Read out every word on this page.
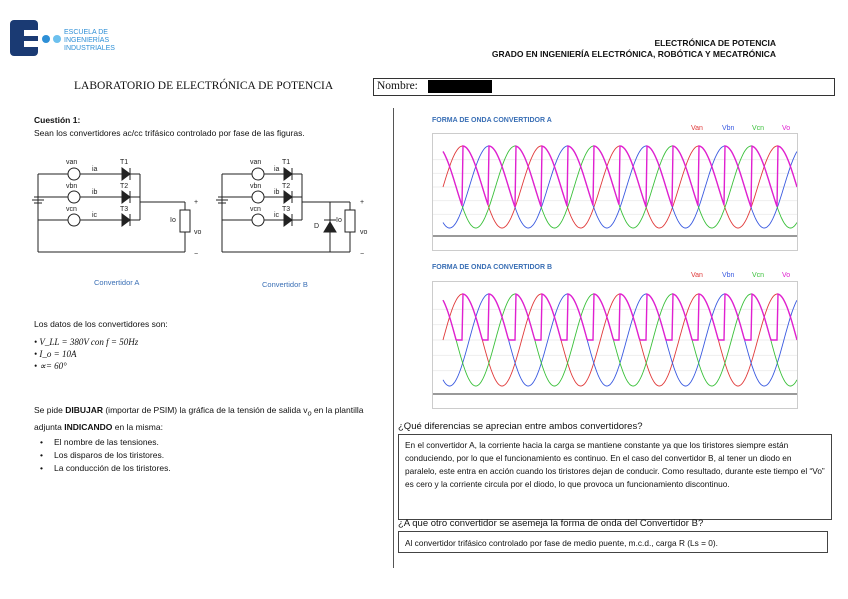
ESCUELA DE
INGENIERÍAS
INDUSTRIALES
ELECTRÓNICA DE POTENCIA
GRADO EN INGENIERÍA ELECTRÓNICA, ROBÓTICA Y MECATRÓNICA
LABORATORIO DE ELECTRÓNICA DE POTENCIA	Nombre:
Cuestión 1:
Sean los convertidores ac/cc trifásico controlado por fase de las figuras.
van
vbn
vcn
ia
ib
ic
T1
T2
T3
Io
vo
+
−
van
vbn
vcn
ia
ib
ic
T1
T2
T3
D
Io
vo
+
−
Convertidor A	Convertidor B
Los datos de los convertidores son:
• V_LL = 380V con f = 50Hz
• I_o = 10A
• ∝= 60°
Se pide DIBUJAR (importar de PSIM) la gráfica de la tensión de salida $v_o$ en la plantilla adjunta INDICANDO en la misma:
• El nombre de las tensiones.
• Los disparos de los tiristores.
• La conducción de los tiristores.
FORMA DE ONDA CONVERTIDOR A
Van	Vbn	Vcn	Vo
FORMA DE ONDA CONVERTIDOR B
Van	Vbn	Vcn	Vo
¿Qué diferencias se aprecian entre ambos convertidores?
En el convertidor A, la corriente hacia la carga se mantiene constante ya que los tiristores siempre están conduciendo, por lo que el funcionamiento es continuo. En el caso del convertidor B, al tener un diodo en paralelo, este entra en acción cuando los tiristores dejan de conducir. Como resultado, durante este tiempo el “Vo” es cero y la corriente circula por el diodo, lo que provoca un funcionamiento discontinuo.
¿A que otro convertidor se asemeja la forma de onda del Convertidor B?
Al convertidor trifásico controlado por fase de medio puente, m.c.d., carga R (Ls = 0).
